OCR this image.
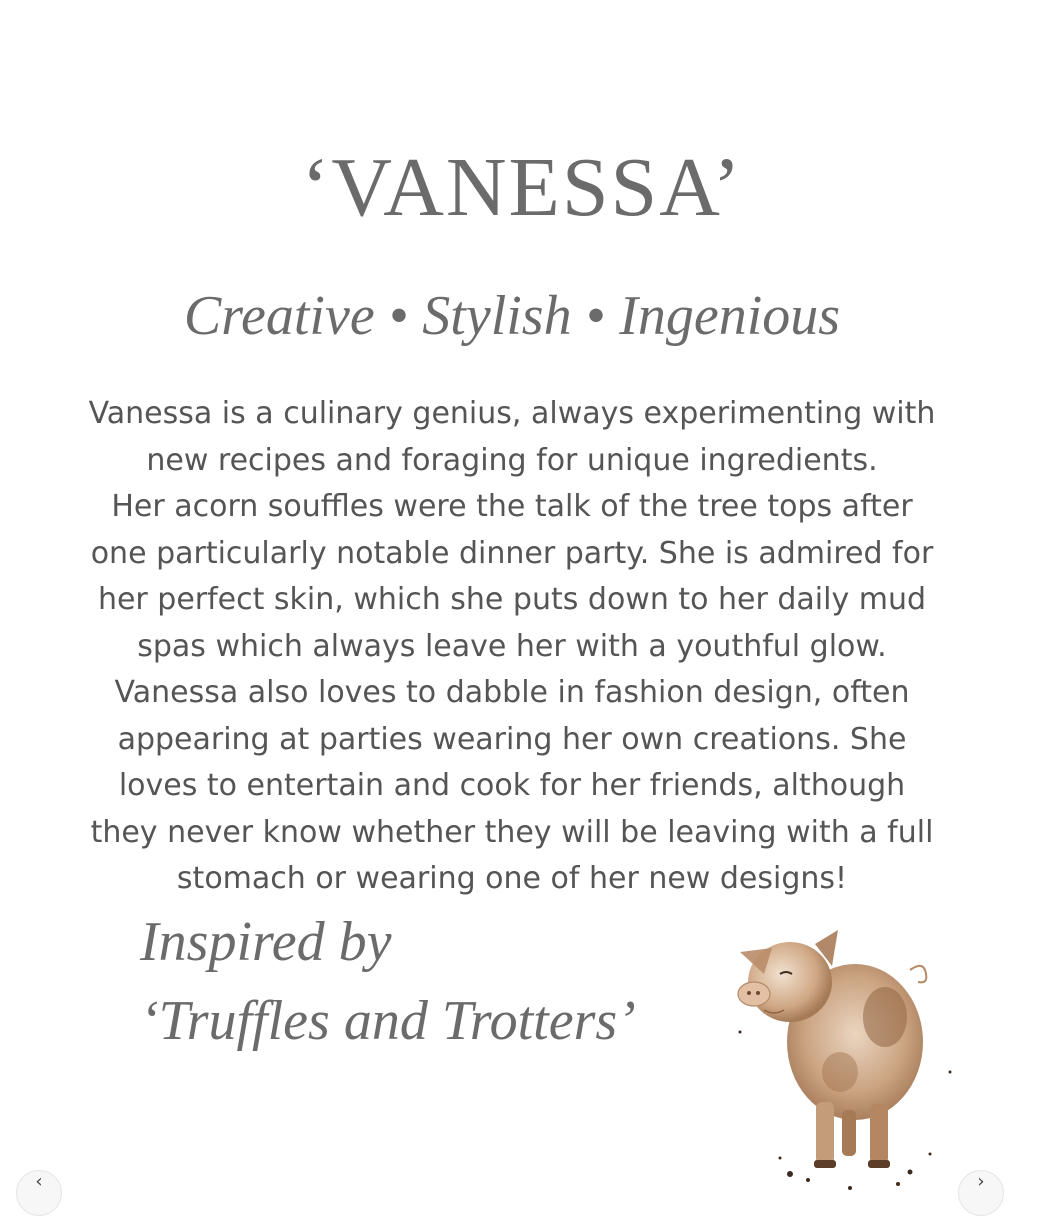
‘VANESSA’
Creative • Stylish • Ingenious
Vanessa is a culinary genius, always experimenting with
new recipes and foraging for unique ingredients.
Her acorn souffles were the talk of the tree tops after
one particularly notable dinner party. She is admired for
her perfect skin, which she puts down to her daily mud
spas which always leave her with a youthful glow.
Vanessa also loves to dabble in fashion design, often
appearing at parties wearing her own creations. She
loves to entertain and cook for her friends, although
they never know whether they will be leaving with a full
stomach or wearing one of her new designs!
Inspired by
‘Truffles and Trotters’
‹	›
